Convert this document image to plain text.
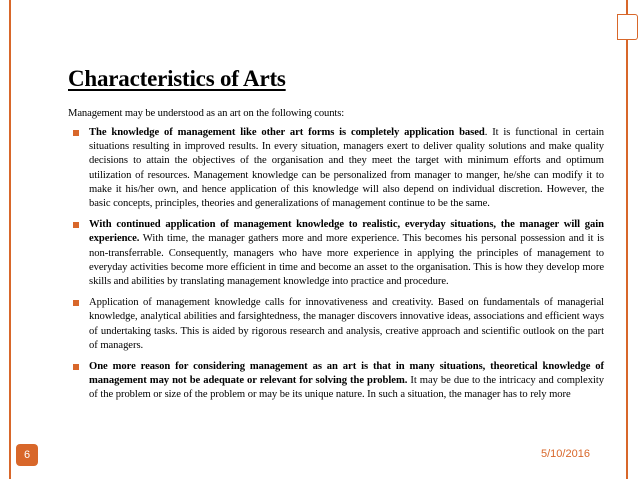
Characteristics of Arts

Management may be understood as an art on the following counts:

The knowledge of management like other art forms is completely application based. It is functional in certain situations resulting in improved results. In every situation, managers exert to deliver quality solutions and make quality decisions to attain the objectives of the organisation and they meet the target with minimum efforts and optimum utilization of resources. Management knowledge can be personalized from manager to manger, he/she can modify it to make it his/her own, and hence application of this knowledge will also depend on individual discretion. However, the basic concepts, principles, theories and generalizations of management continue to be the same.
With continued application of management knowledge to realistic, everyday situations, the manager will gain experience. With time, the manager gathers more and more experience. This becomes his personal possession and it is non-transferrable. Consequently, managers who have more experience in applying the principles of management to everyday activities become more efficient in time and become an asset to the organisation. This is how they develop more skills and abilities by translating management knowledge into practice and procedure.
Application of management knowledge calls for innovativeness and creativity. Based on fundamentals of managerial knowledge, analytical abilities and farsightedness, the manager discovers innovative ideas, associations and efficient ways of undertaking tasks. This is aided by rigorous research and analysis, creative approach and scientific outlook on the part of managers.
One more reason for considering management as an art is that in many situations, theoretical knowledge of management may not be adequate or relevant for solving the problem. It may be due to the intricacy and complexity of the problem or size of the problem or may be its unique nature. In such a situation, the manager has to rely more
6	5/10/2016
